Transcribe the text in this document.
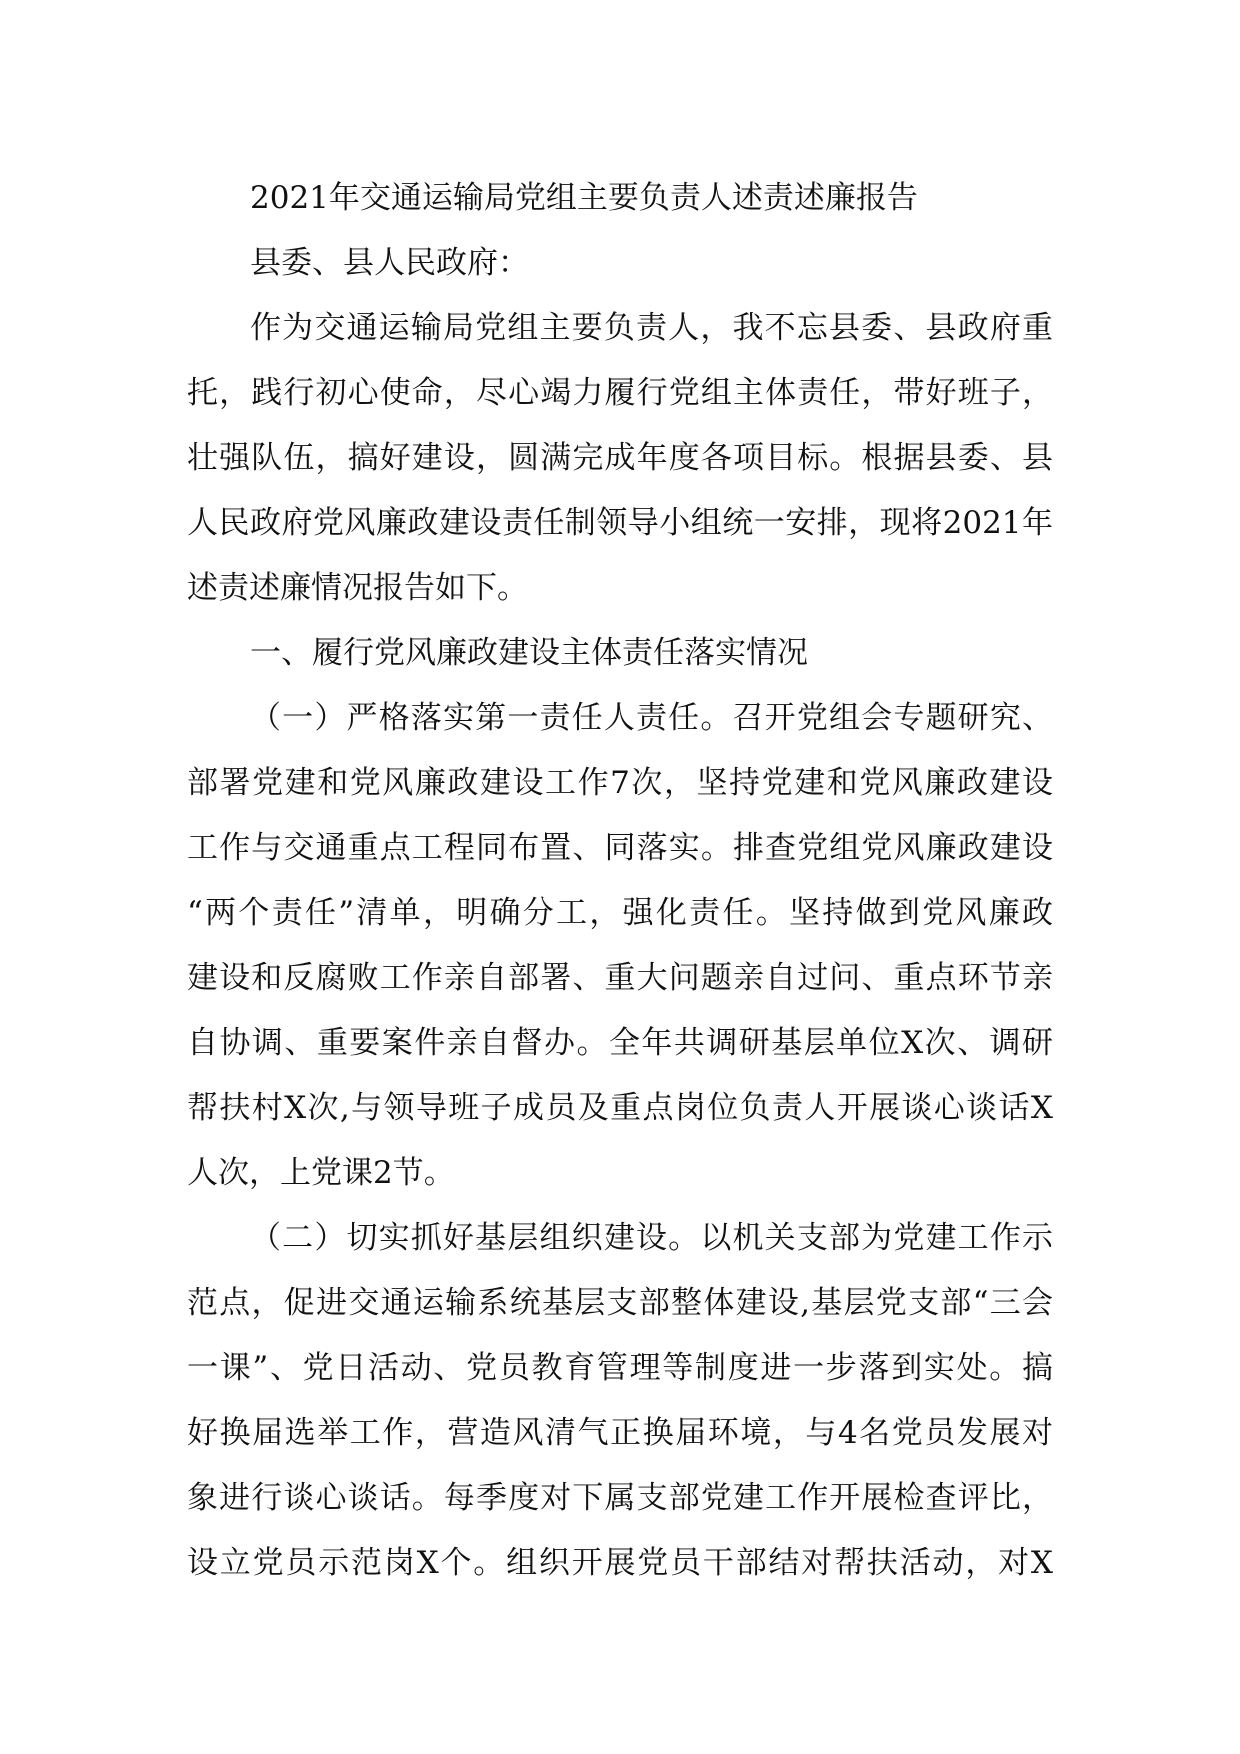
2021年交通运输局党组主要负责人述责述廉报告
县委、县人民政府：
作为交通运输局党组主要负责人，我不忘县委、县政府重
托，践行初心使命，尽心竭力履行党组主体责任，带好班子，
壮强队伍，搞好建设，圆满完成年度各项目标。根据县委、县
人民政府党风廉政建设责任制领导小组统一安排，现将2021年
述责述廉情况报告如下。
一、履行党风廉政建设主体责任落实情况
（一）严格落实第一责任人责任。召开党组会专题研究、
部署党建和党风廉政建设工作7次，坚持党建和党风廉政建设
工作与交通重点工程同布置、同落实。排查党组党风廉政建设
“两个责任”清单，明确分工，强化责任。坚持做到党风廉政
建设和反腐败工作亲自部署、重大问题亲自过问、重点环节亲
自协调、重要案件亲自督办。全年共调研基层单位X次、调研
帮扶村X次,与领导班子成员及重点岗位负责人开展谈心谈话X
人次，上党课2节。
（二）切实抓好基层组织建设。以机关支部为党建工作示
范点，促进交通运输系统基层支部整体建设,基层党支部“三会
一课”、党日活动、党员教育管理等制度进一步落到实处。搞
好换届选举工作，营造风清气正换届环境，与4名党员发展对
象进行谈心谈话。每季度对下属支部党建工作开展检查评比，
设立党员示范岗X个。组织开展党员干部结对帮扶活动，对X
